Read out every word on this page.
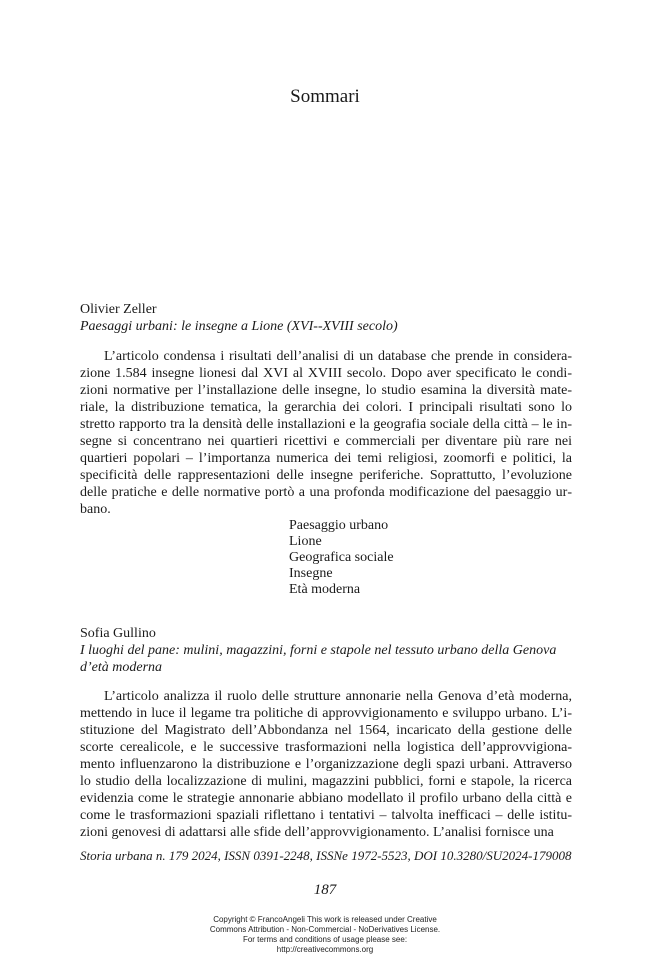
Sommari
Olivier Zeller
Paesaggi urbani: le insegne a Lione (XVI--XVIII secolo)

L’articolo condensa i risultati dell’analisi di un database che prende in considerazione 1.584 insegne lionesi dal XVI al XVIII secolo. Dopo aver specificato le condizioni normative per l’installazione delle insegne, lo studio esamina la diversità materiale, la distribuzione tematica, la gerarchia dei colori. I principali risultati sono lo stretto rapporto tra la densità delle installazioni e la geografia sociale della città – le insegne si concentrano nei quartieri ricettivi e commerciali per diventare più rare nei quartieri popolari – l’importanza numerica dei temi religiosi, zoomorfi e politici, la specificità delle rappresentazioni delle insegne periferiche. Soprattutto, l’evoluzione delle pratiche e delle normative portò a una profonda modificazione del paesaggio urbano.

Paesaggio urbano
Lione
Geografica sociale
Insegne
Età moderna
Sofia Gullino
I luoghi del pane: mulini, magazzini, forni e stapole nel tessuto urbano della Genova d’età moderna

L’articolo analizza il ruolo delle strutture annonarie nella Genova d’età moderna, mettendo in luce il legame tra politiche di approvvigionamento e sviluppo urbano. L’istituzione del Magistrato dell’Abbondanza nel 1564, incaricato della gestione delle scorte cerealicole, e le successive trasformazioni nella logistica dell’approvvigionamento influenzarono la distribuzione e l’organizzazione degli spazi urbani. Attraverso lo studio della localizzazione di mulini, magazzini pubblici, forni e stapole, la ricerca evidenzia come le strategie annonarie abbiano modellato il profilo urbano della città e come le trasformazioni spaziali riflettano i tentativi – talvolta inefficaci – delle istituzioni genovesi di adattarsi alle sfide dell’approvvigionamento. L’analisi fornisce una

Storia urbana n. 179 2024, ISSN 0391-2248, ISSNe 1972-5523, DOI 10.3280/SU2024-179008
187
Copyright © FrancoAngeli This work is released under Creative
Commons Attribution - Non-Commercial - NoDerivatives License.
For terms and conditions of usage please see:
http://creativecommons.org
